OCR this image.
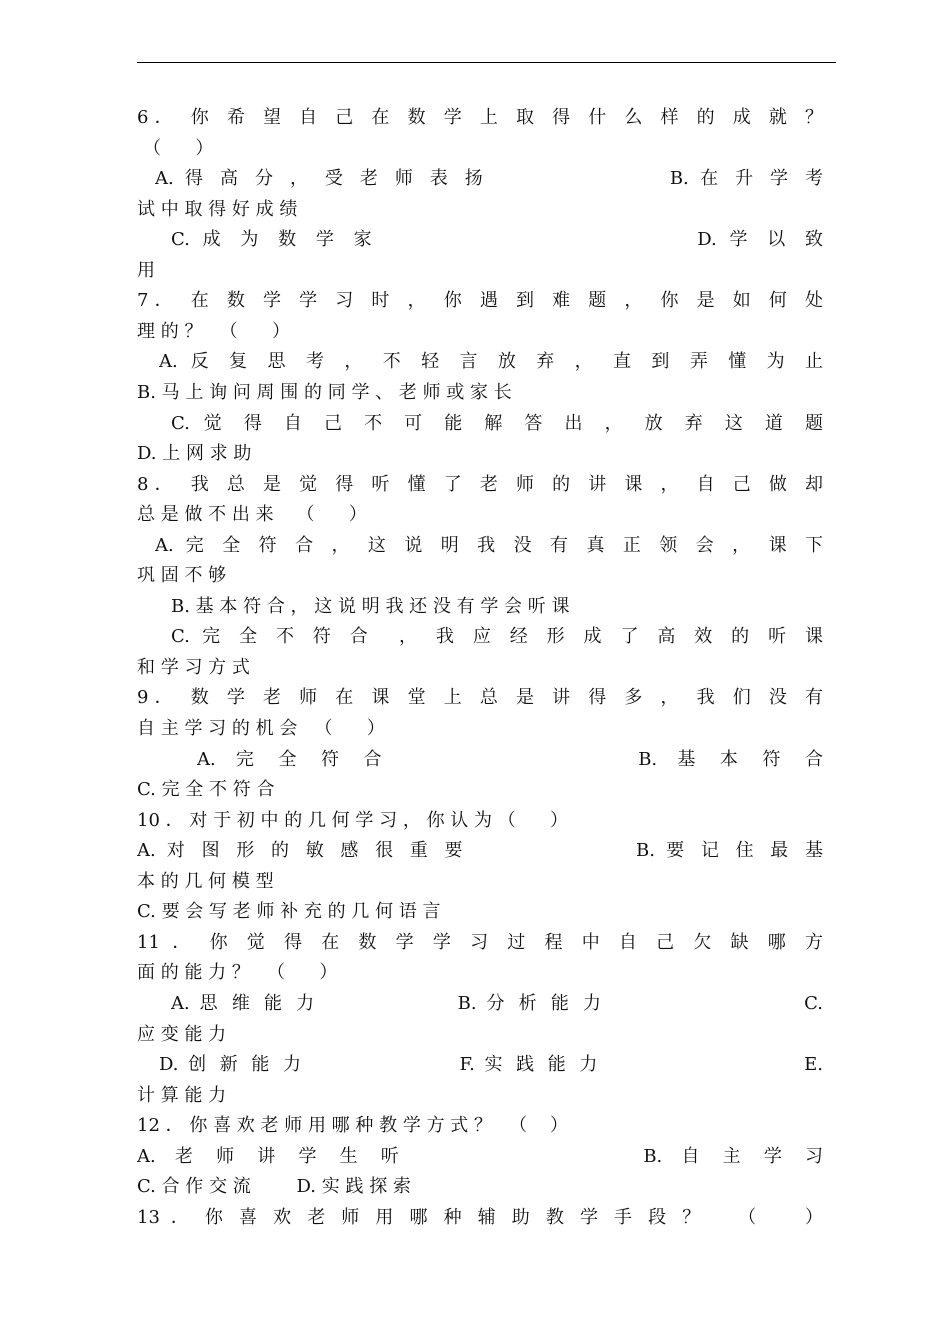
6． 你 希 望 自 己 在 数 学 上 取 得 什 么 样 的 成 就 ？
（      ）
A. 得 高 分 ， 受 老 师 表 扬                B. 在 升 学 考
试 中 取 得 好 成 绩
C. 成 为 数 学 家                         D. 学 以 致
用
7． 在 数 学 学 习 时 ， 你 遇 到 难 题 ， 你 是 如 何 处
理 的 ？   （      ）
A. 反 复 思 考 ， 不 轻 言 放 弃 ， 直 到 弄 懂 为 止
B. 马 上 询 问 周 围 的 同 学 、 老 师 或 家 长
C. 觉 得 自 己 不 可 能 解 答 出 ， 放 弃 这 道 题
D. 上 网 求 助
8． 我 总 是 觉 得 听 懂 了 老 师 的 讲 课 ， 自 己 做 却
总 是 做 不 出 来    （      ）
A. 完 全 符 合 ， 这 说 明 我 没 有 真 正 领 会 ， 课 下
巩 固 不 够
B. 基 本 符 合 ， 这 说 明 我 还 没 有 学 会 听 课
C. 完 全 不 符 合  ， 我 应 经 形 成 了 高 效 的 听 课
和 学 习 方 式
9． 数 学 老 师 在 课 堂 上 总 是 讲 得 多 ， 我 们 没 有
自 主 学 习 的 机 会   （      ）
A.  完  全  符  合                         B.  基  本  符  合
C. 完 全 不 符 合
10 ． 对 于 初 中 的 几 何 学 习 ， 你 认 为 （      ）
A. 对 图 形 的 敏 感 很 重 要               B. 要 记 住 最 基
本 的 几 何 模 型
C. 要 会 写 老 师 补 充 的 几 何 语 言
11 ． 你 觉 得 在 数 学 学 习 过 程 中 自 己 欠 缺 哪 方
面 的 能 力 ？   （      ）
A. 思 维 能 力              B. 分 析 能 力                    C.
应 变 能 力
D. 创 新 能 力                F. 实 践 能 力                     E.
计 算 能 力
12 ． 你 喜 欢 老 师 用 哪 种 教 学 方 式 ？   （    ）
A.  老  师  讲  学  生  听                         B.  自  主  学  习
C. 合 作 交 流        D. 实 践 探 索
13 ． 你 喜 欢 老 师 用 哪 种 辅 助 教 学 手 段 ？   （    ）
